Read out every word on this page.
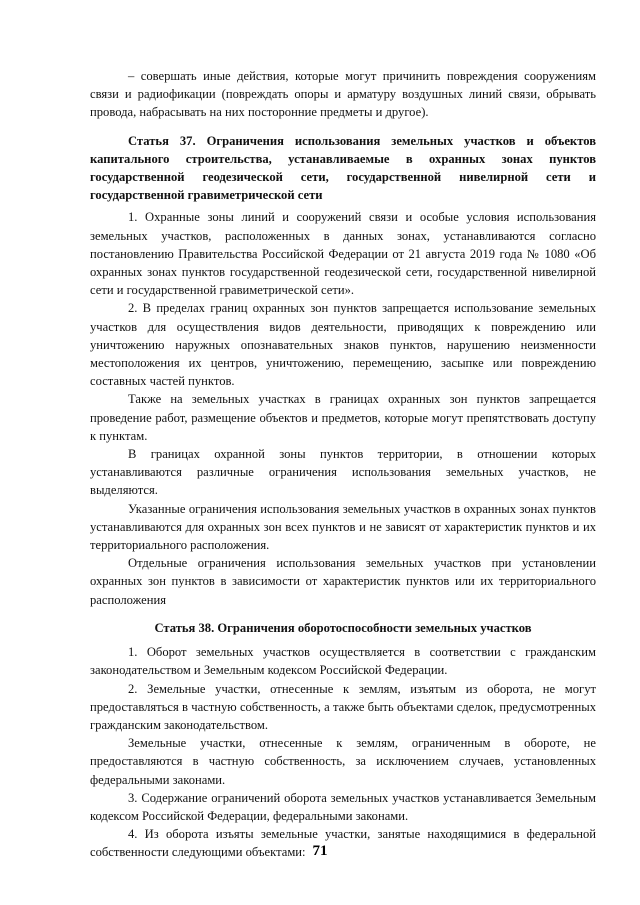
– совершать иные действия, которые могут причинить повреждения сооружениям связи и радиофикации (повреждать опоры и арматуру воздушных линий связи, обрывать провода, набрасывать на них посторонние предметы и другое).

Статья 37. Ограничения использования земельных участков и объектов капитального строительства, устанавливаемые в охранных зонах пунктов государственной геодезической сети, государственной нивелирной сети и государственной гравиметрической сети

1. Охранные зоны линий и сооружений связи и особые условия использования земельных участков, расположенных в данных зонах, устанавливаются согласно постановлению Правительства Российской Федерации от 21 августа 2019 года № 1080 «Об охранных зонах пунктов государственной геодезической сети, государственной нивелирной сети и государственной гравиметрической сети».

2. В пределах границ охранных зон пунктов запрещается использование земельных участков для осуществления видов деятельности, приводящих к повреждению или уничтожению наружных опознавательных знаков пунктов, нарушению неизменности местоположения их центров, уничтожению, перемещению, засыпке или повреждению составных частей пунктов.

Также на земельных участках в границах охранных зон пунктов запрещается проведение работ, размещение объектов и предметов, которые могут препятствовать доступу к пунктам.

В границах охранной зоны пунктов территории, в отношении которых устанавливаются различные ограничения использования земельных участков, не выделяются.

Указанные ограничения использования земельных участков в охранных зонах пунктов устанавливаются для охранных зон всех пунктов и не зависят от характеристик пунктов и их территориального расположения.

Отдельные ограничения использования земельных участков при установлении охранных зон пунктов в зависимости от характеристик пунктов или их территориального расположения

Статья 38. Ограничения оборотоспособности земельных участков

1. Оборот земельных участков осуществляется в соответствии с гражданским законодательством и Земельным кодексом Российской Федерации.

2. Земельные участки, отнесенные к землям, изъятым из оборота, не могут предоставляться в частную собственность, а также быть объектами сделок, предусмотренных гражданским законодательством.

Земельные участки, отнесенные к землям, ограниченным в обороте, не предоставляются в частную собственность, за исключением случаев, установленных федеральными законами.

3. Содержание ограничений оборота земельных участков устанавливается Земельным кодексом Российской Федерации, федеральными законами.

4. Из оборота изъяты земельные участки, занятые находящимися в федеральной собственности следующими объектами: 71
